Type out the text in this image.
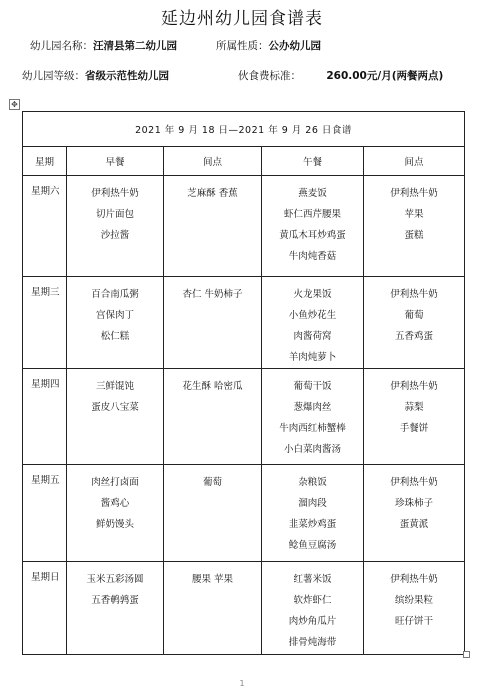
延边州幼儿园食谱表
幼儿园名称：汪清县第二幼儿园	所属性质：公办幼儿园
幼儿园等级：省级示范性幼儿园	伙食费标准： 260.00元/月(两餐两点)
✥
2021 年 9 月 18 日—2021 年 9 月 26 日食谱				
星期	早餐	间点	午餐	间点
星期六	伊利热牛奶
切片面包
沙拉酱	芝麻酥 香蕉	燕麦饭
虾仁西芹腰果
黄瓜木耳炒鸡蛋
牛肉炖香菇	伊利热牛奶
苹果
蛋糕

星期三	百合南瓜粥
宫保肉丁
松仁糕	杏仁 牛奶柿子	火龙果饭
小鱼炒花生
肉酱荷窝
羊肉炖萝卜	伊利热牛奶
葡萄
五香鸡蛋

星期四	三鲜馄饨
蛋皮八宝菜	花生酥 哈密瓜	葡萄干饭
葱爆肉丝
牛肉西红柿蟹棒
小白菜肉酱汤	伊利热牛奶
蒜梨
手餐饼

星期五	肉丝打卤面
酱鸡心
鲜奶馒头	葡萄	杂粮饭
溜肉段
韭菜炒鸡蛋
鲶鱼豆腐汤	伊利热牛奶
珍珠柿子
蛋黄派

星期日	玉米五彩汤圆
五香鹌鹑蛋	腰果 苹果	红薯米饭
软炸虾仁
肉炒角瓜片
排骨炖海带	伊利热牛奶
缤纷果粒
旺仔饼干
1
